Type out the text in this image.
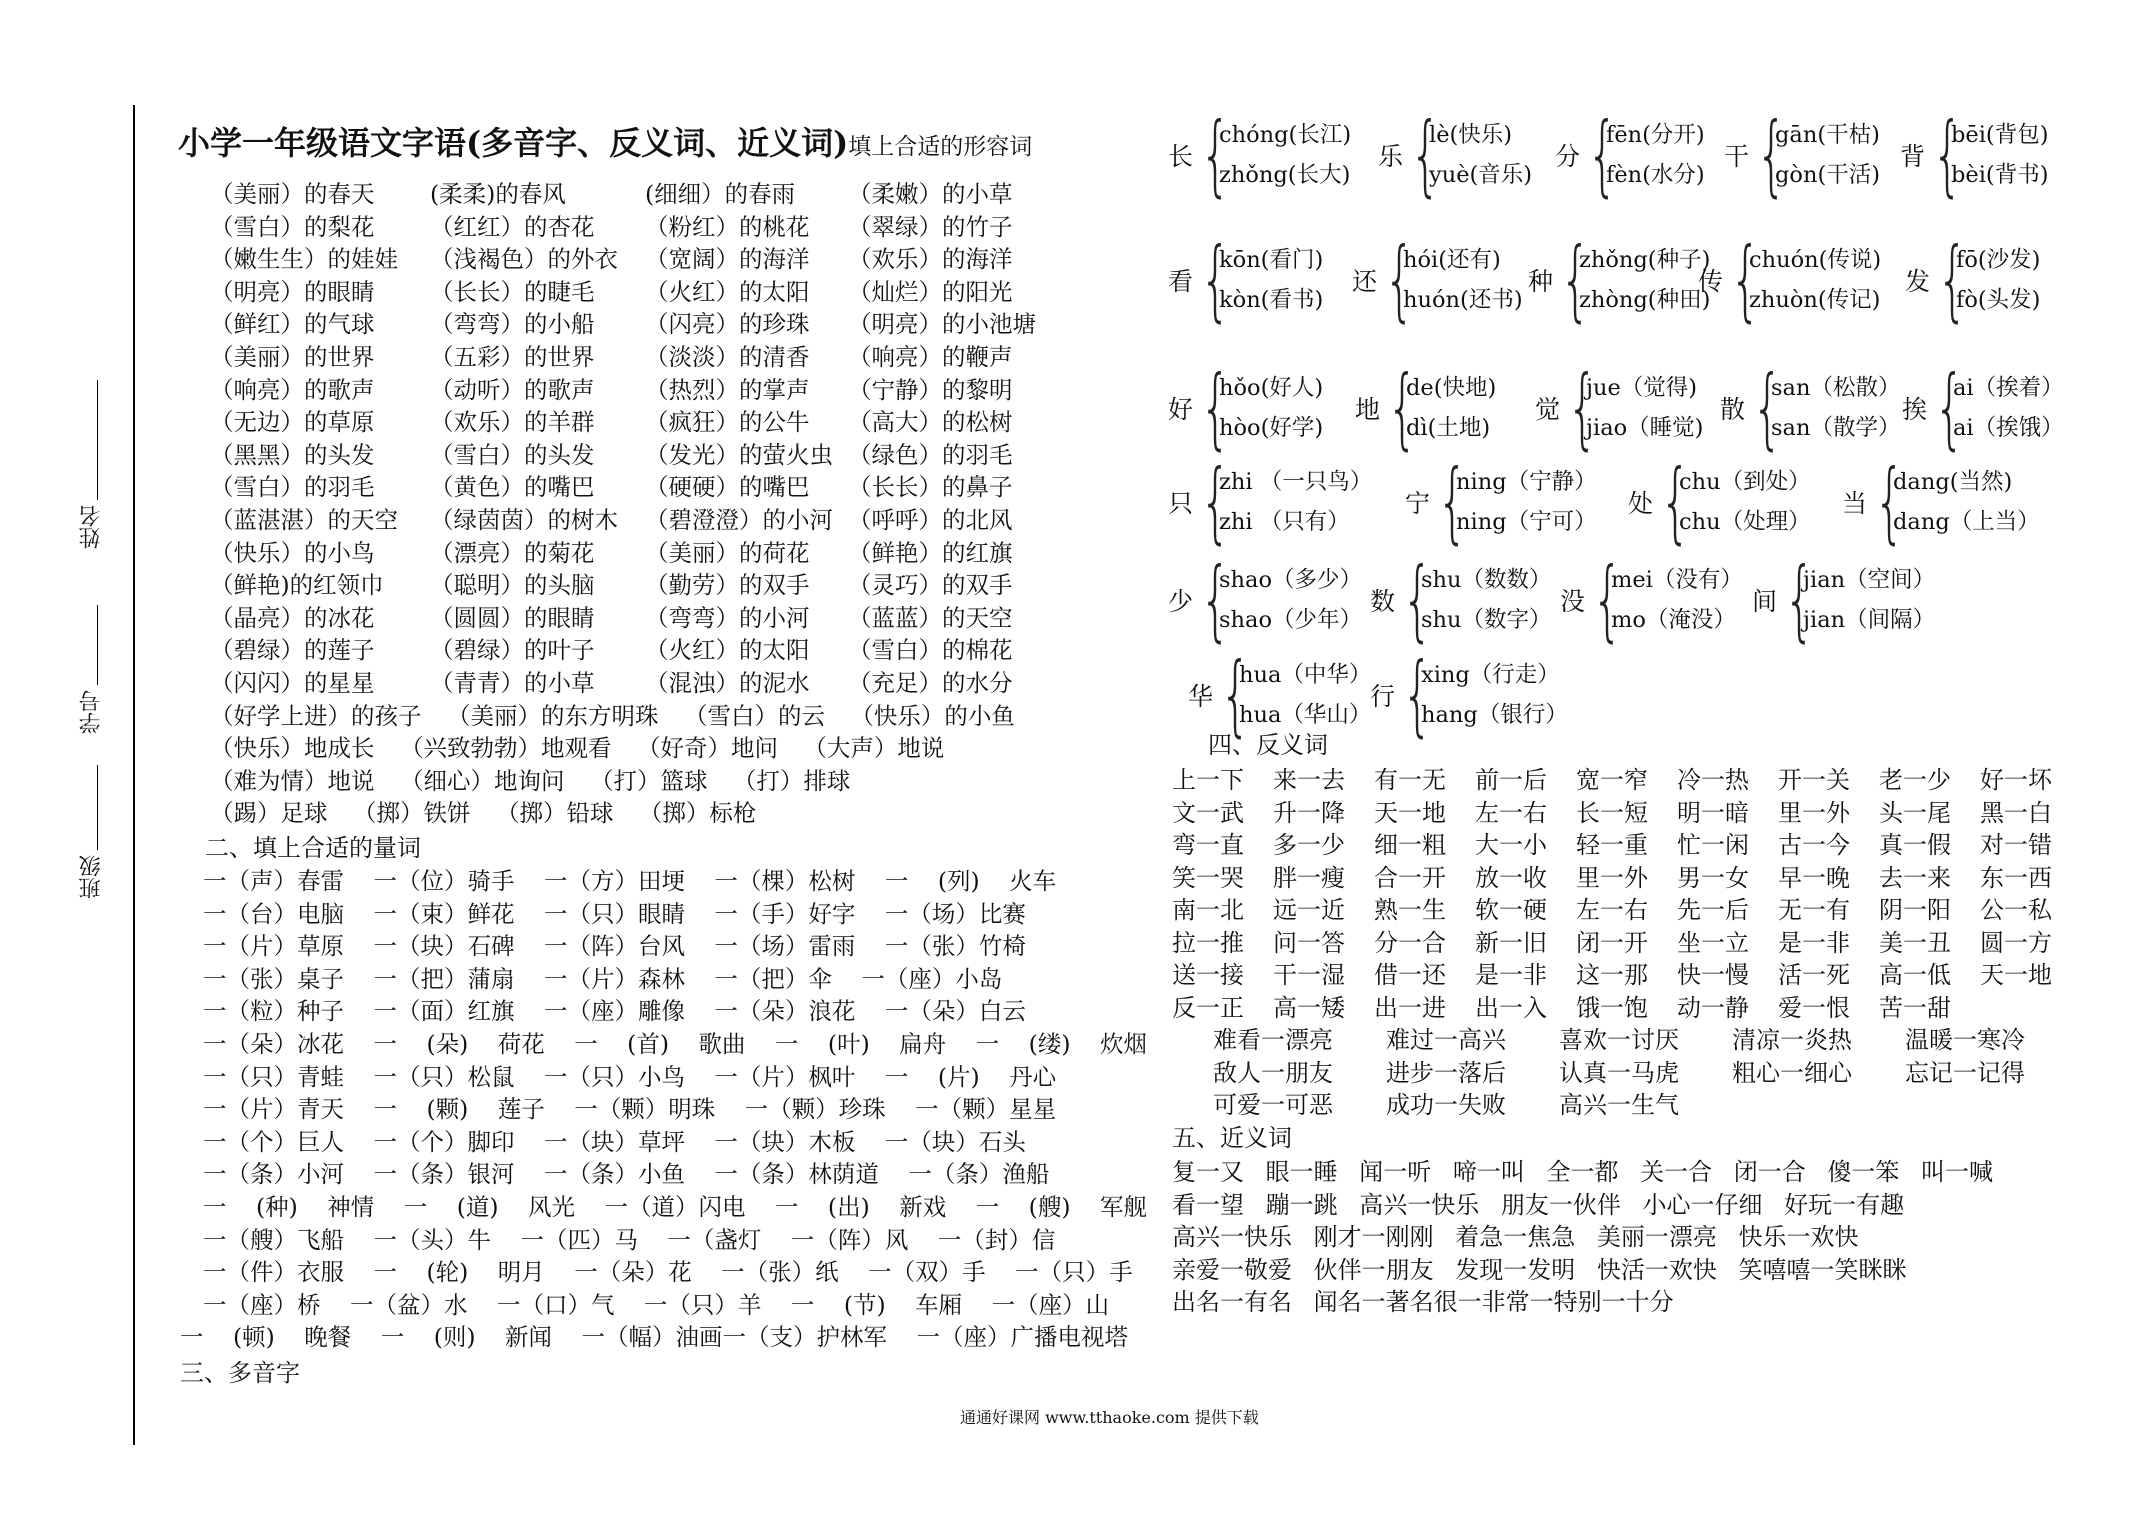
姓名
学号
班级
小学一年级语文字语(多音字、反义词、近义词)填上合适的形容词
（美丽）的春天 (柔柔)的春风	(细细）的春雨 （柔嫩）的小草
（雪白）的梨花 （红红）的杏花 （粉红）的桃花 （翠绿）的竹子
（嫩生生）的娃娃 （浅褐色）的外衣 （宽阔）的海洋 （欢乐）的海洋
（明亮）的眼睛 （长长）的睫毛 （火红）的太阳 （灿烂）的阳光
（鲜红）的气球 （弯弯）的小船 （闪亮）的珍珠 （明亮）的小池塘
（美丽）的世界 （五彩）的世界 （淡淡）的清香 （响亮）的鞭声
（响亮）的歌声 （动听）的歌声 （热烈）的掌声 （宁静）的黎明
（无边）的草原 （欢乐）的羊群 （疯狂）的公牛 （高大）的松树
（黑黑）的头发 （雪白）的头发 （发光）的萤火虫 （绿色）的羽毛
（雪白）的羽毛 （黄色）的嘴巴 （硬硬）的嘴巴 （长长）的鼻子
（蓝湛湛）的天空 （绿茵茵）的树木 （碧澄澄）的小河 （呼呼）的北风
（快乐）的小鸟 （漂亮）的菊花 （美丽）的荷花 （鲜艳）的红旗
（鲜艳)的红领巾 （聪明）的头脑 （勤劳）的双手 （灵巧）的双手
（晶亮）的冰花 （圆圆）的眼睛 （弯弯）的小河 （蓝蓝）的天空
（碧绿）的莲子 （碧绿）的叶子 （火红）的太阳 （雪白）的棉花
（闪闪）的星星 （青青）的小草 （混浊）的泥水 （充足）的水分
（好学上进）的孩子 （美丽）的东方明珠 （雪白）的云 （快乐）的小鱼
（快乐）地成长 （兴致勃勃）地观看 （好奇）地问 （大声）地说
（难为情）地说 （细心）地询问 （打）篮球 （打）排球
（踢）足球 （掷）铁饼 （掷）铅球 （掷）标枪
二、填上合适的量词
一（声）春雷 一（位）骑手 一（方）田埂 一（棵）松树 一 (列) 火车
一（台）电脑 一（束）鲜花 一（只）眼睛 一（手）好字 一（场）比赛
一（片）草原 一（块）石碑 一（阵）台风 一（场）雷雨 一（张）竹椅
一（张）桌子 一（把）蒲扇 一（片）森林 一（把）伞 一（座）小岛
一（粒）种子 一（面）红旗 一（座）雕像 一（朵）浪花 一（朵）白云
一（朵）冰花 一 (朵) 荷花 一 (首) 歌曲 一 (叶) 扁舟 一 (缕) 炊烟
一（只）青蛙 一（只）松鼠 一（只）小鸟 一（片）枫叶 一 (片) 丹心
一（片）青天 一 (颗) 莲子 一（颗）明珠 一（颗）珍珠 一（颗）星星
一（个）巨人 一（个）脚印 一（块）草坪 一（块）木板 一（块）石头
一（条）小河 一（条）银河 一（条）小鱼 一（条）林荫道 一（条）渔船
一 (种) 神情 一 (道) 风光 一（道）闪电 一 (出) 新戏 一 (艘) 军舰
一（艘）飞船 一（头）牛 一（匹）马 一（盏灯 一（阵）风 一（封）信
一（件）衣服 一 (轮) 明月 一（朵）花 一（张）纸 一（双）手 一（只）手
一（座）桥 一（盆）水 一（口）气 一（只）羊 一 (节) 车厢 一（座）山
一 (顿) 晚餐 一 (则) 新闻 一（幅）油画一（支）护林军 一（座）广播电视塔
三、多音字
长 {
chóng(长江)
zhǒng(长大)
乐 {
lè(快乐)
yuè(音乐)
分 {
fēn(分开)
fèn(水分)
干 {
gān(干枯)
gòn(干活)
背 {
bēi(背包)
bèi(背书)
看 {
kōn(看门)
kòn(看书)
还 {
hói(还有)
huón(还书)
种 {
zhǒng(种子)
zhòng(种田)
传 {
chuón(传说)
zhuòn(传记)
发 {
fō(沙发)
fò(头发)
好 {
hǒo(好人)
hòo(好学)
地 {
de(快地)
dì(土地)
觉 {
jue（觉得)
jiao（睡觉)
散 {
san（松散）
san（散学）
挨 {
ai（挨着）
ai（挨饿）
只 {
zhi （一只鸟）
zhi （只有）
宁 {
ning（宁静）
ning（宁可）
处 {
chu（到处）
chu（处理）
当 {
dang(当然)
dang（上当）
少 {
shao（多少）
shao（少年）
数 {
shu（数数）
shu（数字）
没 {
mei（没有）
mo（淹没）
间 {
jian（空间）
jian（间隔）
华 {
hua（中华）
hua（华山）
行 {
xing（行走）
hang（银行）
四、反义词
上一下 来一去 有一无 前一后 宽一窄 冷一热 开一关 老一少 好一坏
文一武 升一降 天一地 左一右 长一短 明一暗 里一外 头一尾 黑一白
弯一直 多一少 细一粗 大一小 轻一重 忙一闲 古一今 真一假 对一错
笑一哭 胖一瘦 合一开 放一收 里一外 男一女 早一晚 去一来 东一西
南一北 远一近 熟一生 软一硬 左一右 先一后 无一有 阴一阳 公一私
拉一推 问一答 分一合 新一旧 闭一开 坐一立 是一非 美一丑 圆一方
送一接 干一湿 借一还 是一非 这一那 快一慢 活一死 高一低 天一地
反一正 高一矮 出一进 出一入 饿一饱 动一静 爱一恨 苦一甜
难看一漂亮 难过一高兴 喜欢一讨厌 清凉一炎热 温暖一寒冷
敌人一朋友 进步一落后 认真一马虎 粗心一细心 忘记一记得
可爱一可恶 成功一失败 高兴一生气
五、近义词
复一又 眼一睡 闻一听 啼一叫 全一都 关一合 闭一合 傻一笨 叫一喊
看一望 蹦一跳 高兴一快乐 朋友一伙伴 小心一仔细 好玩一有趣
高兴一快乐 刚才一刚刚 着急一焦急 美丽一漂亮 快乐一欢快
亲爱一敬爱 伙伴一朋友 发现一发明 快活一欢快 笑嘻嘻一笑眯眯
出名一有名 闻名一著名很一非常一特别一十分
通通好课网 www.tthaoke.com 提供下载
